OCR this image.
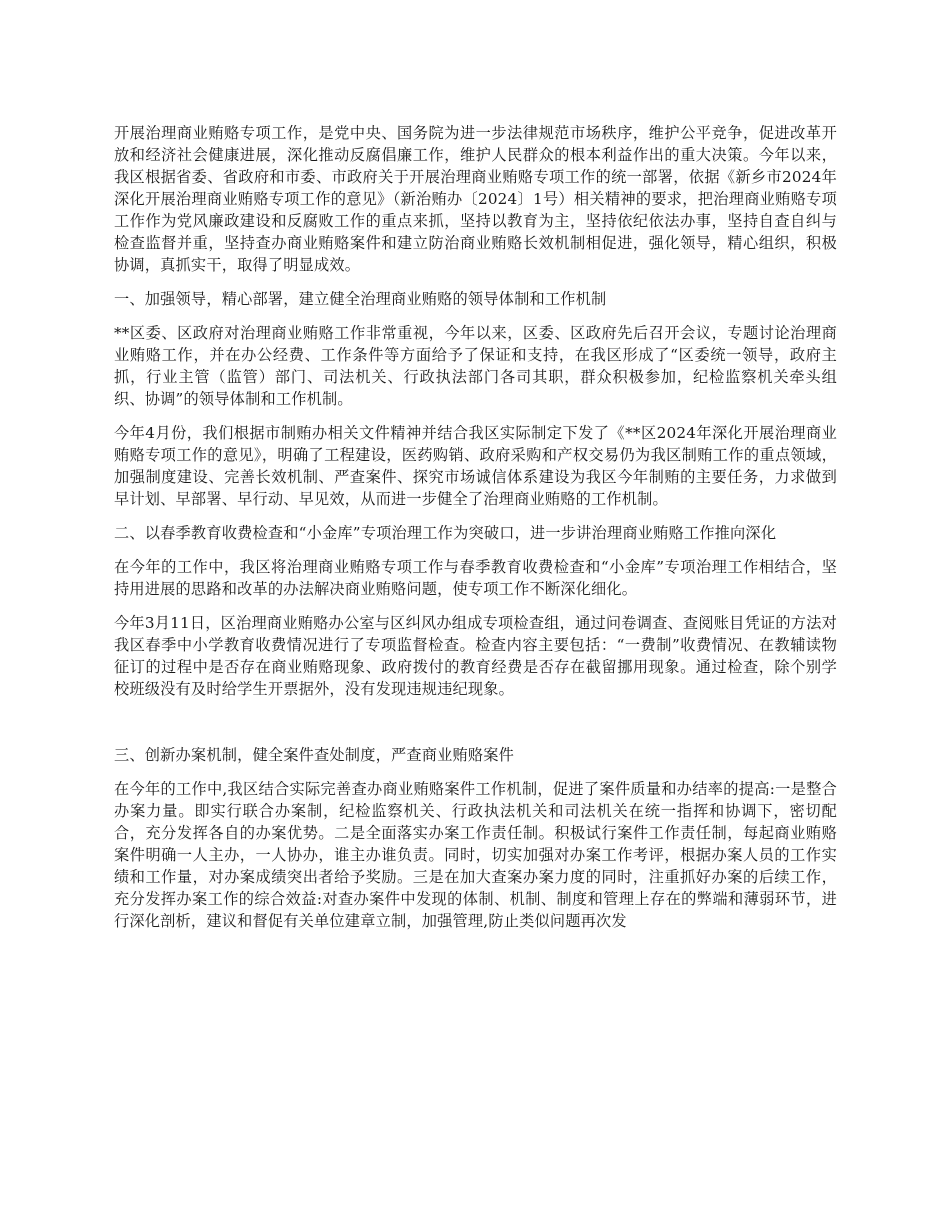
开展治理商业贿赂专项工作，是党中央、国务院为进一步法律规范市场秩序，维护公平竞争，促进改革开放和经济社会健康进展，深化推动反腐倡廉工作，维护人民群众的根本利益作出的重大决策。今年以来，我区根据省委、省政府和市委、市政府关于开展治理商业贿赂专项工作的统一部署，依据《新乡市2024年深化开展治理商业贿赂专项工作的意见》（新治贿办〔2024〕1号）相关精神的要求，把治理商业贿赂专项工作作为党风廉政建设和反腐败工作的重点来抓，坚持以教育为主，坚持依纪依法办事，坚持自查自纠与检查监督并重，坚持查办商业贿赂案件和建立防治商业贿赂长效机制相促进，强化领导，精心组织，积极协调，真抓实干，取得了明显成效。

一、加强领导，精心部署，建立健全治理商业贿赂的领导体制和工作机制

**区委、区政府对治理商业贿赂工作非常重视，今年以来，区委、区政府先后召开会议，专题讨论治理商业贿赂工作，并在办公经费、工作条件等方面给予了保证和支持，在我区形成了“区委统一领导，政府主抓，行业主管（监管）部门、司法机关、行政执法部门各司其职，群众积极参加，纪检监察机关牵头组织、协调”的领导体制和工作机制。

今年4月份，我们根据市制贿办相关文件精神并结合我区实际制定下发了《**区2024年深化开展治理商业贿赂专项工作的意见》，明确了工程建设，医药购销、政府采购和产权交易仍为我区制贿工作的重点领域，加强制度建设、完善长效机制、严查案件、探究市场诚信体系建设为我区今年制贿的主要任务，力求做到早计划、早部署、早行动、早见效，从而进一步健全了治理商业贿赂的工作机制。

二、以春季教育收费检查和“小金库”专项治理工作为突破口，进一步讲治理商业贿赂工作推向深化

在今年的工作中，我区将治理商业贿赂专项工作与春季教育收费检查和“小金库”专项治理工作相结合，坚持用进展的思路和改革的办法解决商业贿赂问题，使专项工作不断深化细化。

今年3月11日，区治理商业贿赂办公室与区纠风办组成专项检查组，通过问卷调查、查阅账目凭证的方法对我区春季中小学教育收费情况进行了专项监督检查。检查内容主要包括：“一费制”收费情况、在教辅读物征订的过程中是否存在商业贿赂现象、政府拨付的教育经费是否存在截留挪用现象。通过检查，除个别学校班级没有及时给学生开票据外，没有发现违规违纪现象。

三、创新办案机制，健全案件查处制度，严查商业贿赂案件

在今年的工作中,我区结合实际完善查办商业贿赂案件工作机制，促进了案件质量和办结率的提高:一是整合办案力量。即实行联合办案制，纪检监察机关、行政执法机关和司法机关在统一指挥和协调下，密切配合，充分发挥各自的办案优势。二是全面落实办案工作责任制。积极试行案件工作责任制，每起商业贿赂案件明确一人主办，一人协办，谁主办谁负责。同时，切实加强对办案工作考评，根据办案人员的工作实绩和工作量，对办案成绩突出者给予奖励。三是在加大查案办案力度的同时，注重抓好办案的后续工作，充分发挥办案工作的综合效益:对查办案件中发现的体制、机制、制度和管理上存在的弊端和薄弱环节，进行深化剖析，建议和督促有关单位建章立制，加强管理,防止类似问题再次发
